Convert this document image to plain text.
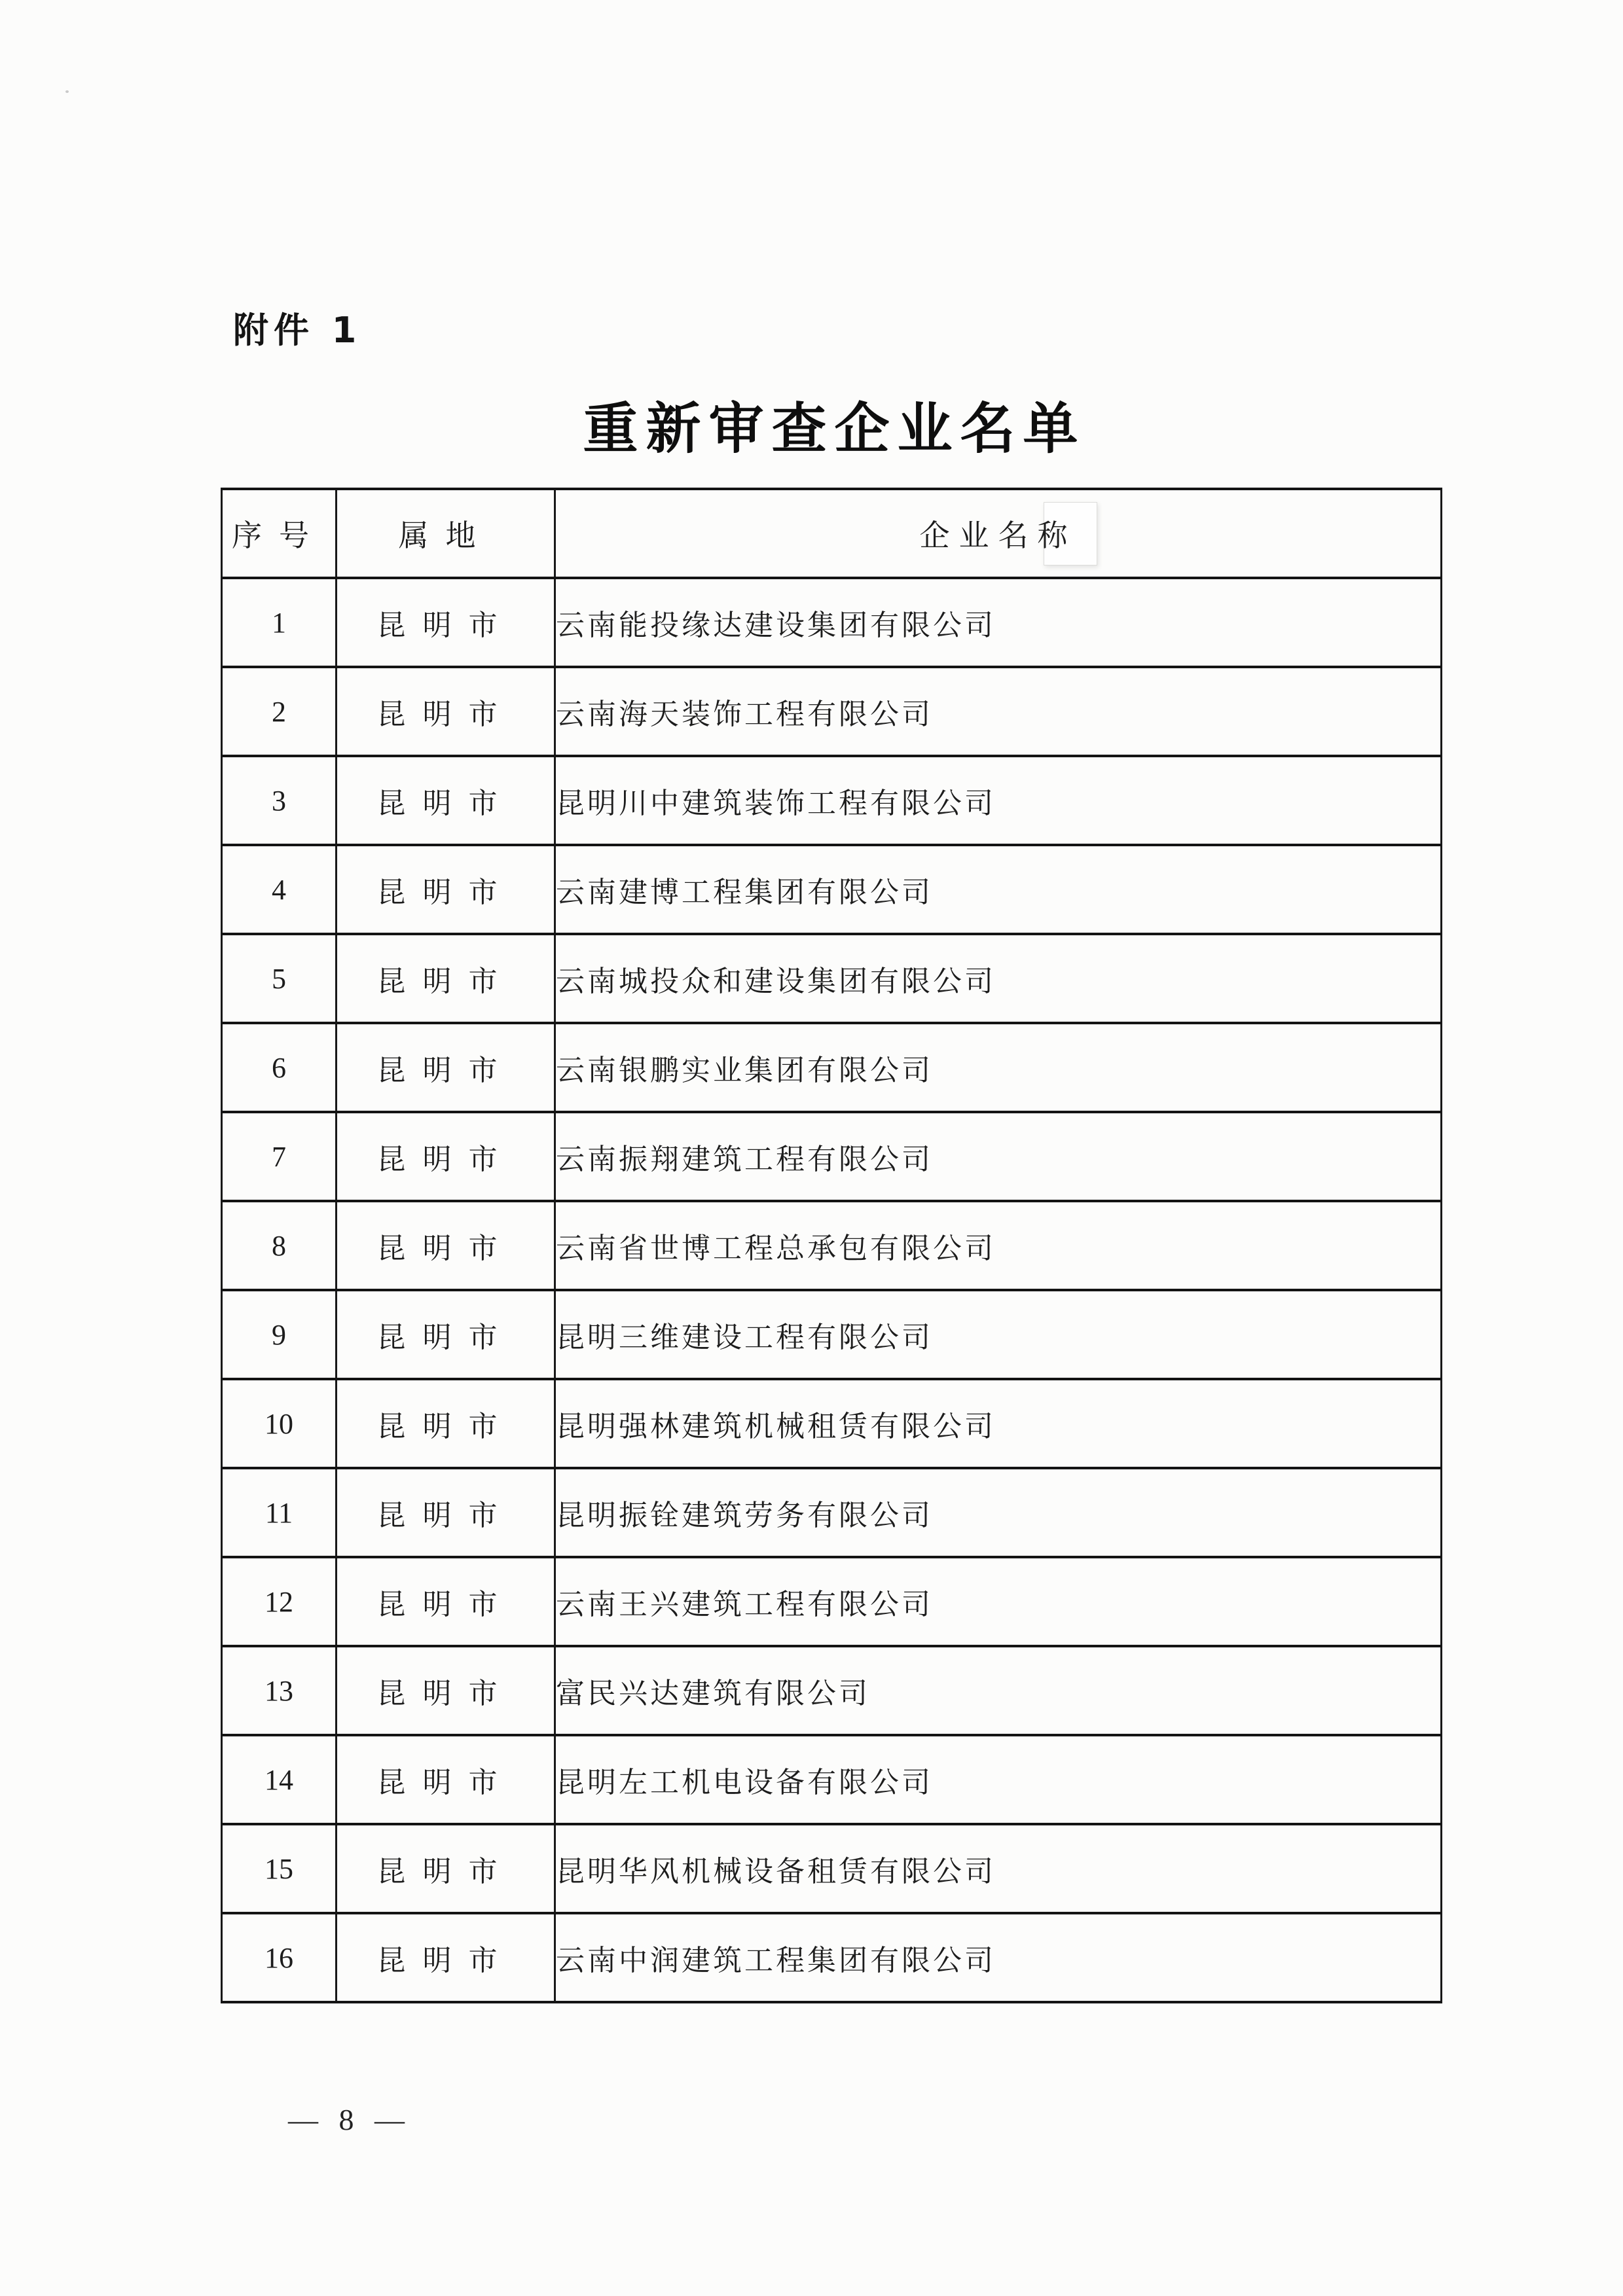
附件 1
重新审查企业名单
序号	属地	企业名称
1	昆明市	云南能投缘达建设集团有限公司
2	昆明市	云南海天装饰工程有限公司
3	昆明市	昆明川中建筑装饰工程有限公司
4	昆明市	云南建博工程集团有限公司
5	昆明市	云南城投众和建设集团有限公司
6	昆明市	云南银鹏实业集团有限公司
7	昆明市	云南振翔建筑工程有限公司
8	昆明市	云南省世博工程总承包有限公司
9	昆明市	昆明三维建设工程有限公司
10	昆明市	昆明强林建筑机械租赁有限公司
11	昆明市	昆明振铨建筑劳务有限公司
12	昆明市	云南王兴建筑工程有限公司
13	昆明市	富民兴达建筑有限公司
14	昆明市	昆明左工机电设备有限公司
15	昆明市	昆明华风机械设备租赁有限公司
16	昆明市	云南中润建筑工程集团有限公司
— 8 —
